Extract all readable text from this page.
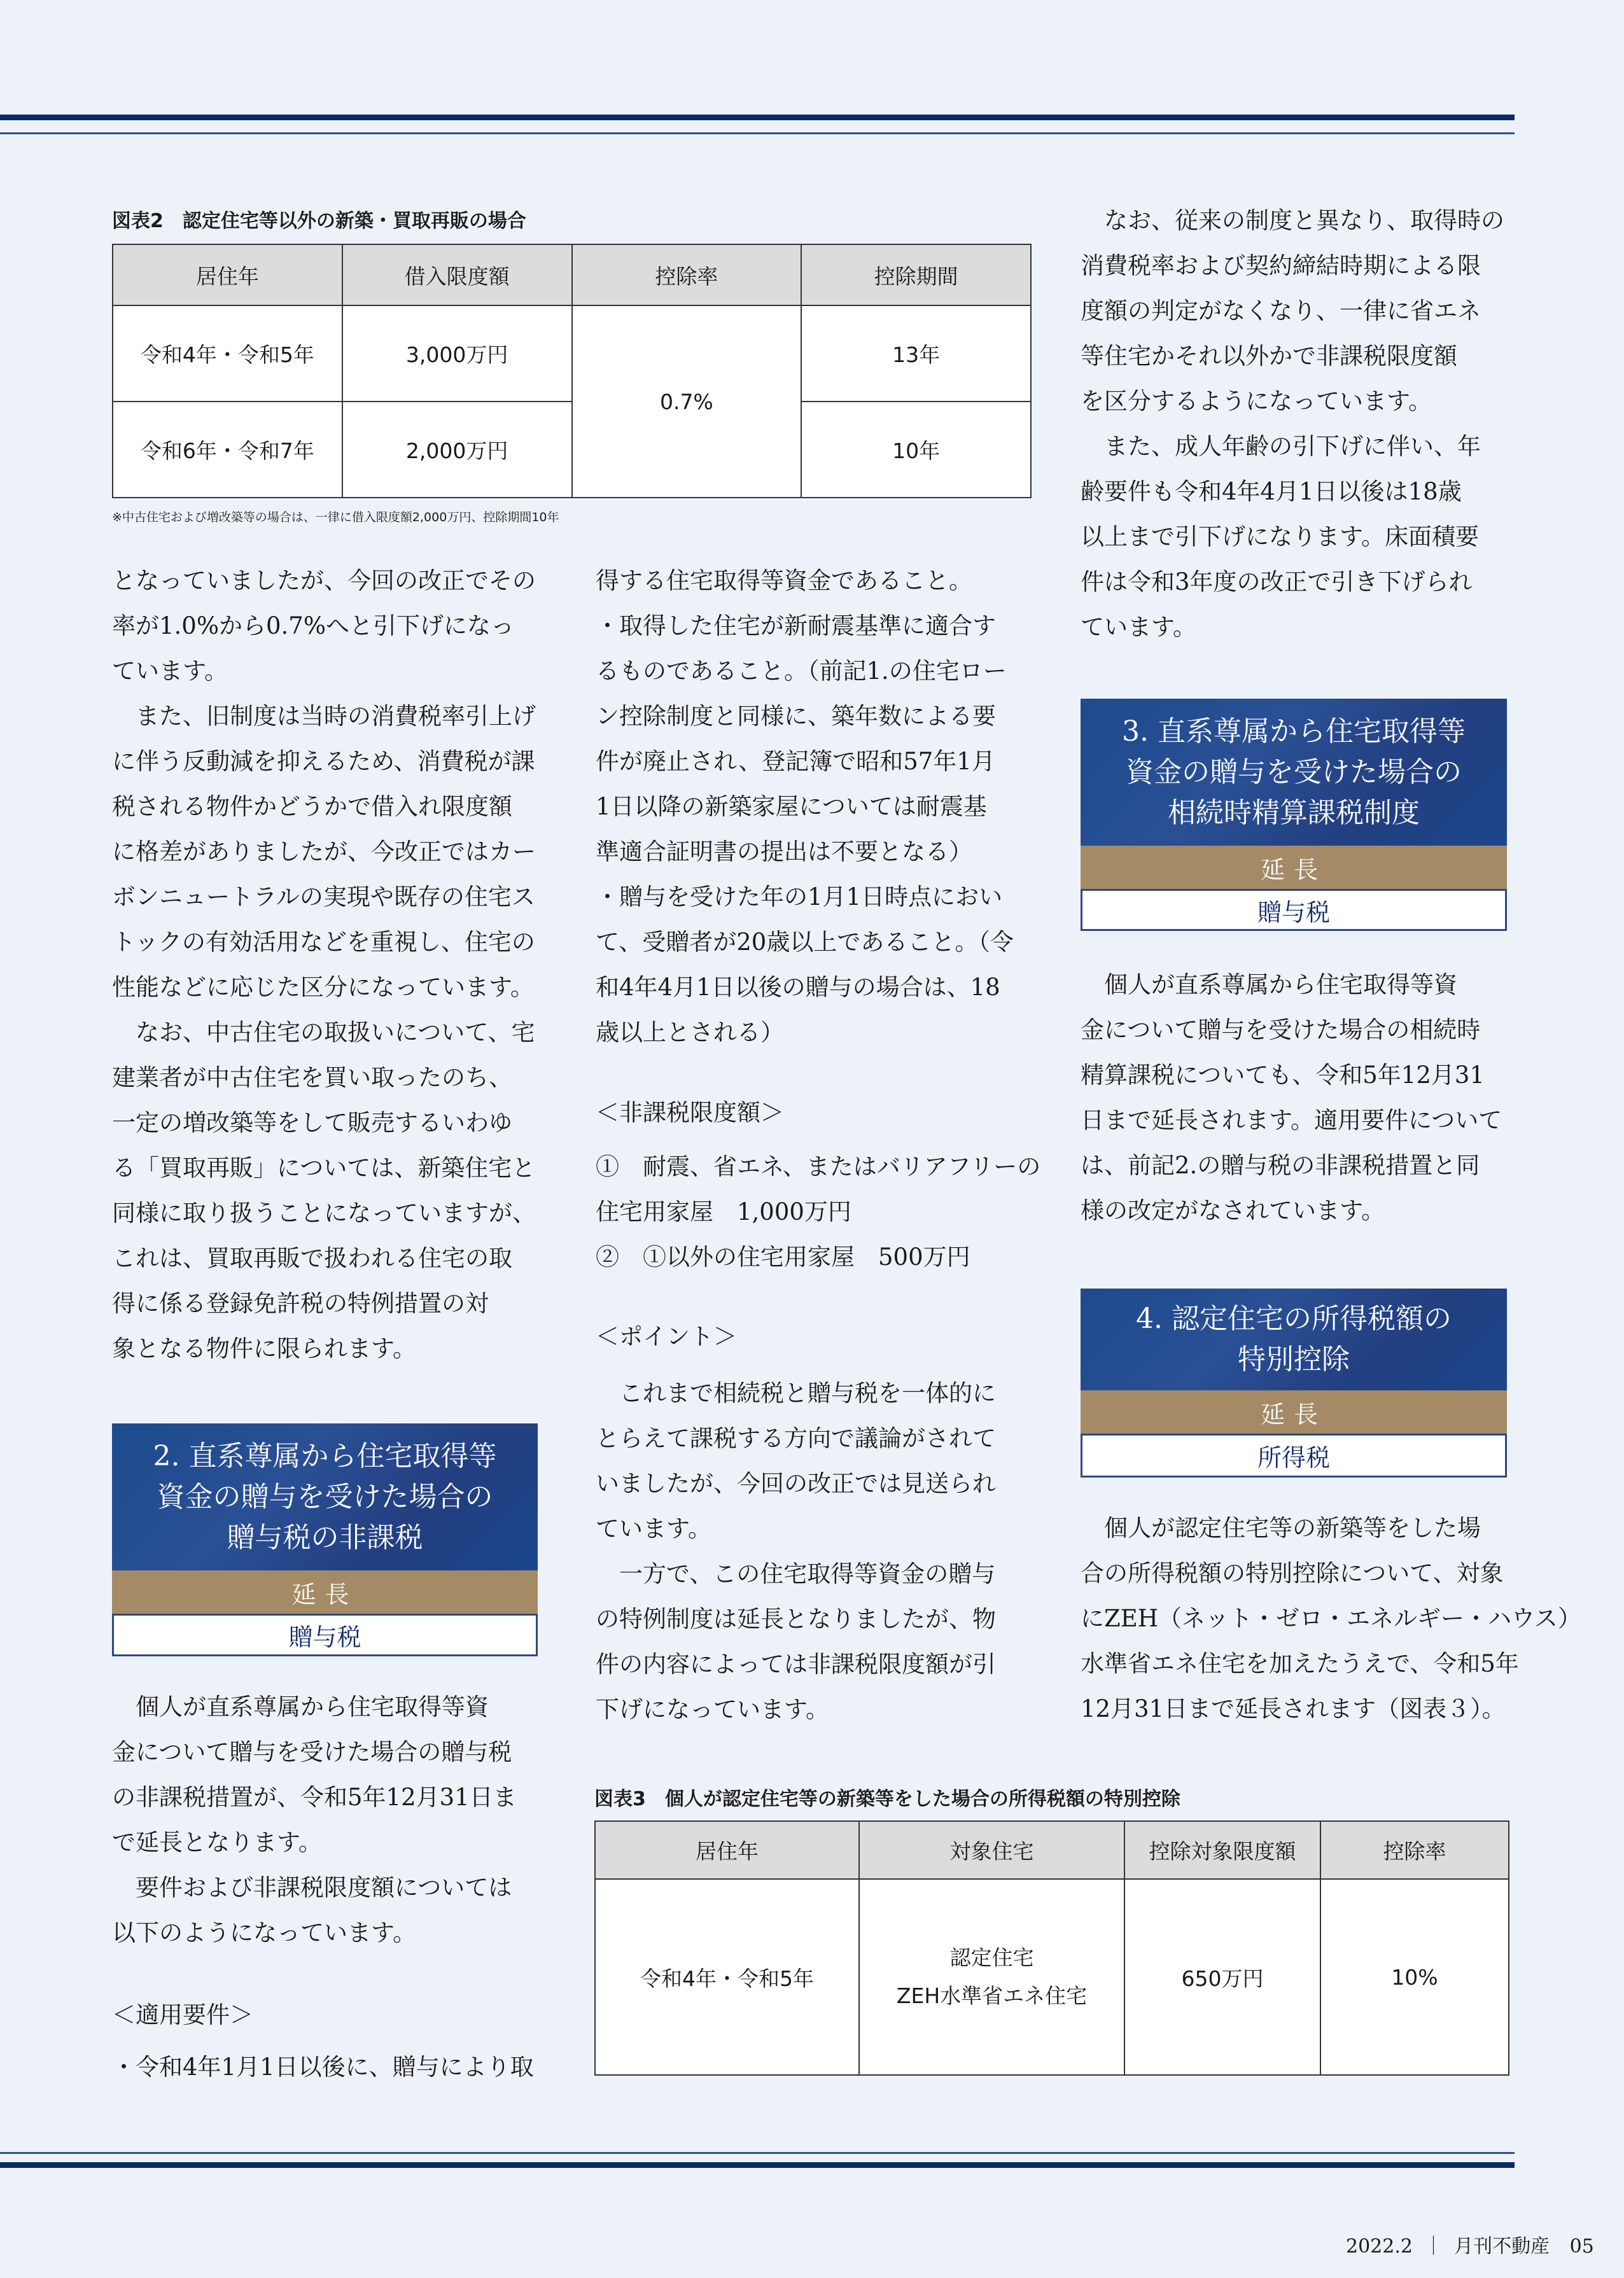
図表2　認定住宅等以外の新築・買取再販の場合
居住年	借入限度額	控除率	控除期間
令和4年・令和5年	3,000万円	0.7%	13年
令和6年・令和7年	2,000万円		10年
※中古住宅および増改築等の場合は、一律に借入限度額2,000万円、控除期間10年
となっていましたが、今回の改正でその
率が1.0%から0.7%へと引下げになっ
ています。
　また、旧制度は当時の消費税率引上げ
に伴う反動減を抑えるため、消費税が課
税される物件かどうかで借入れ限度額
に格差がありましたが、今改正ではカー
ボンニュートラルの実現や既存の住宅ス
トックの有効活用などを重視し、住宅の
性能などに応じた区分になっています。
　なお、中古住宅の取扱いについて、宅
建業者が中古住宅を買い取ったのち、
一定の増改築等をして販売するいわゆ
る「買取再販」については、新築住宅と
同様に取り扱うことになっていますが、
これは、買取再販で扱われる住宅の取
得に係る登録免許税の特例措置の対
象となる物件に限られます。
2. 直系尊属から住宅取得等
資金の贈与を受けた場合の
贈与税の非課税
延長
贈与税
　個人が直系尊属から住宅取得等資
金について贈与を受けた場合の贈与税
の非課税措置が、令和5年12月31日ま
で延長となります。
　要件および非課税限度額については
以下のようになっています。
＜適用要件＞
・令和4年1月1日以後に、贈与により取
得する住宅取得等資金であること。
・取得した住宅が新耐震基準に適合す
るものであること。（前記1.の住宅ロー
ン控除制度と同様に、築年数による要
件が廃止され、登記簿で昭和57年1月
1日以降の新築家屋については耐震基
準適合証明書の提出は不要となる）
・贈与を受けた年の1月1日時点におい
て、受贈者が20歳以上であること。（令
和4年4月1日以後の贈与の場合は、18
歳以上とされる）
＜非課税限度額＞
①　耐震、省エネ、またはバリアフリーの
住宅用家屋　1,000万円
②　①以外の住宅用家屋　500万円
＜ポイント＞
　これまで相続税と贈与税を一体的に
とらえて課税する方向で議論がされて
いましたが、今回の改正では見送られ
ています。
　一方で、この住宅取得等資金の贈与
の特例制度は延長となりましたが、物
件の内容によっては非課税限度額が引
下げになっています。
　なお、従来の制度と異なり、取得時の
消費税率および契約締結時期による限
度額の判定がなくなり、一律に省エネ
等住宅かそれ以外かで非課税限度額
を区分するようになっています。
　また、成人年齢の引下げに伴い、年
齢要件も令和4年4月1日以後は18歳
以上まで引下げになります。床面積要
件は令和3年度の改正で引き下げられ
ています。
3. 直系尊属から住宅取得等
資金の贈与を受けた場合の
相続時精算課税制度
延長
贈与税
　個人が直系尊属から住宅取得等資
金について贈与を受けた場合の相続時
精算課税についても、令和5年12月31
日まで延長されます。適用要件について
は、前記2.の贈与税の非課税措置と同
様の改定がなされています。
4. 認定住宅の所得税額の
特別控除
延長
所得税
　個人が認定住宅等の新築等をした場
合の所得税額の特別控除について、対象
にZEH（ネット・ゼロ・エネルギー・ハウス）
水準省エネ住宅を加えたうえで、令和5年
12月31日まで延長されます（図表３）。
図表3　個人が認定住宅等の新築等をした場合の所得税額の特別控除
居住年	対象住宅	控除対象限度額	控除率
令和4年・令和5年	認定住宅
ZEH水準省エネ住宅	650万円	10%
2022.2 ｜ 月刊不動産 05
